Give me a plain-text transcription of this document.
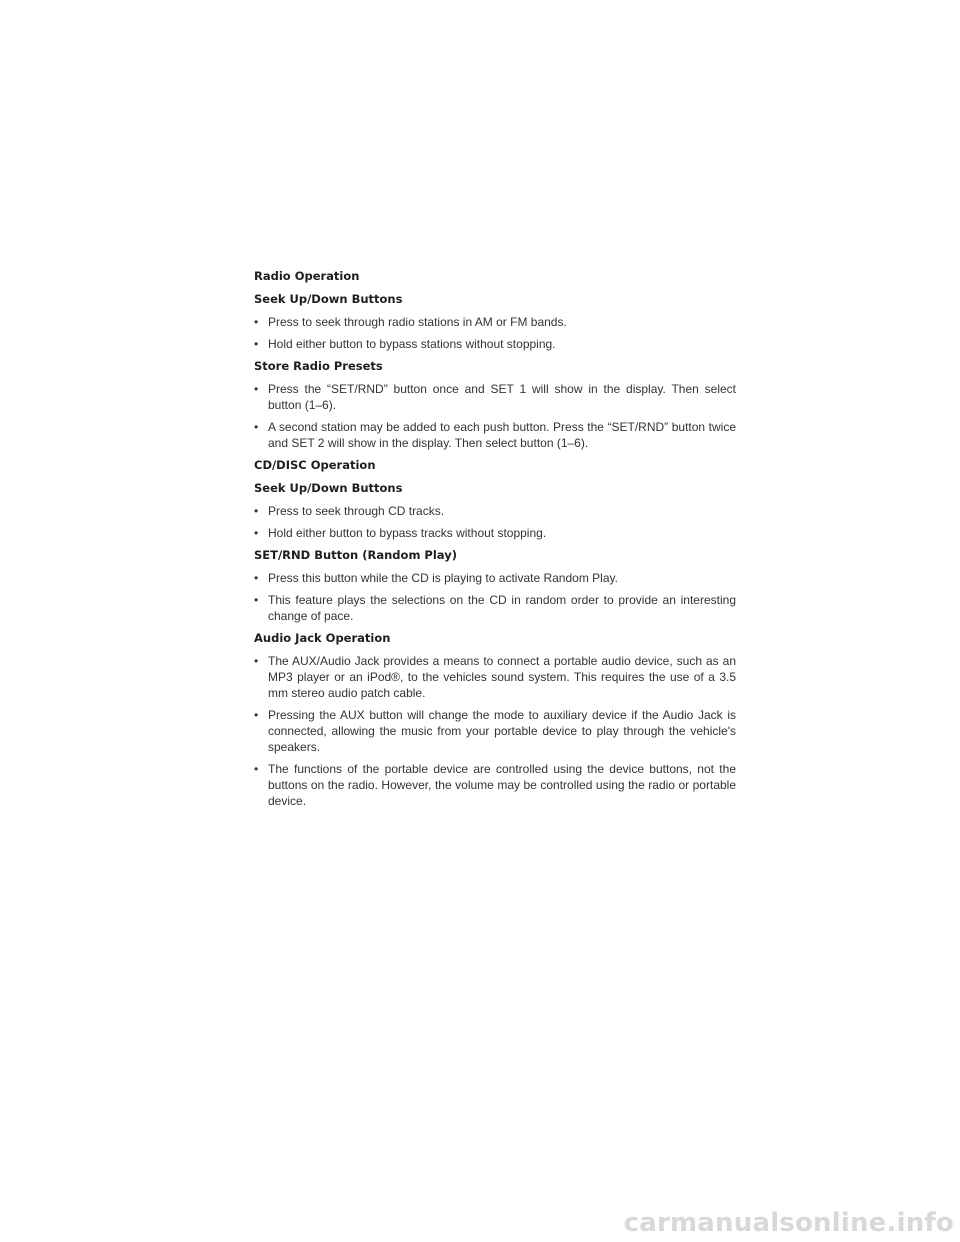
Radio Operation
Seek Up/Down Buttons
• Press to seek through radio stations in AM or FM bands.
• Hold either button to bypass stations without stopping.
Store Radio Presets
• Press the “SET/RND” button once and SET 1 will show in the display. Then select button (1–6).
• A second station may be added to each push button. Press the “SET/RND” button twice and SET 2 will show in the display. Then select button (1–6).
CD/DISC Operation
Seek Up/Down Buttons
• Press to seek through CD tracks.
• Hold either button to bypass tracks without stopping.
SET/RND Button (Random Play)
• Press this button while the CD is playing to activate Random Play.
• This feature plays the selections on the CD in random order to provide an interesting change of pace.
Audio Jack Operation
• The AUX/Audio Jack provides a means to connect a portable audio device, such as an MP3 player or an iPod®, to the vehicles sound system. This requires the use of a 3.5 mm stereo audio patch cable.
• Pressing the AUX button will change the mode to auxiliary device if the Audio Jack is connected, allowing the music from your portable device to play through the vehicle's speakers.
• The functions of the portable device are controlled using the device buttons, not the buttons on the radio. However, the volume may be controlled using the radio or portable device.
carmanualsonline.info
